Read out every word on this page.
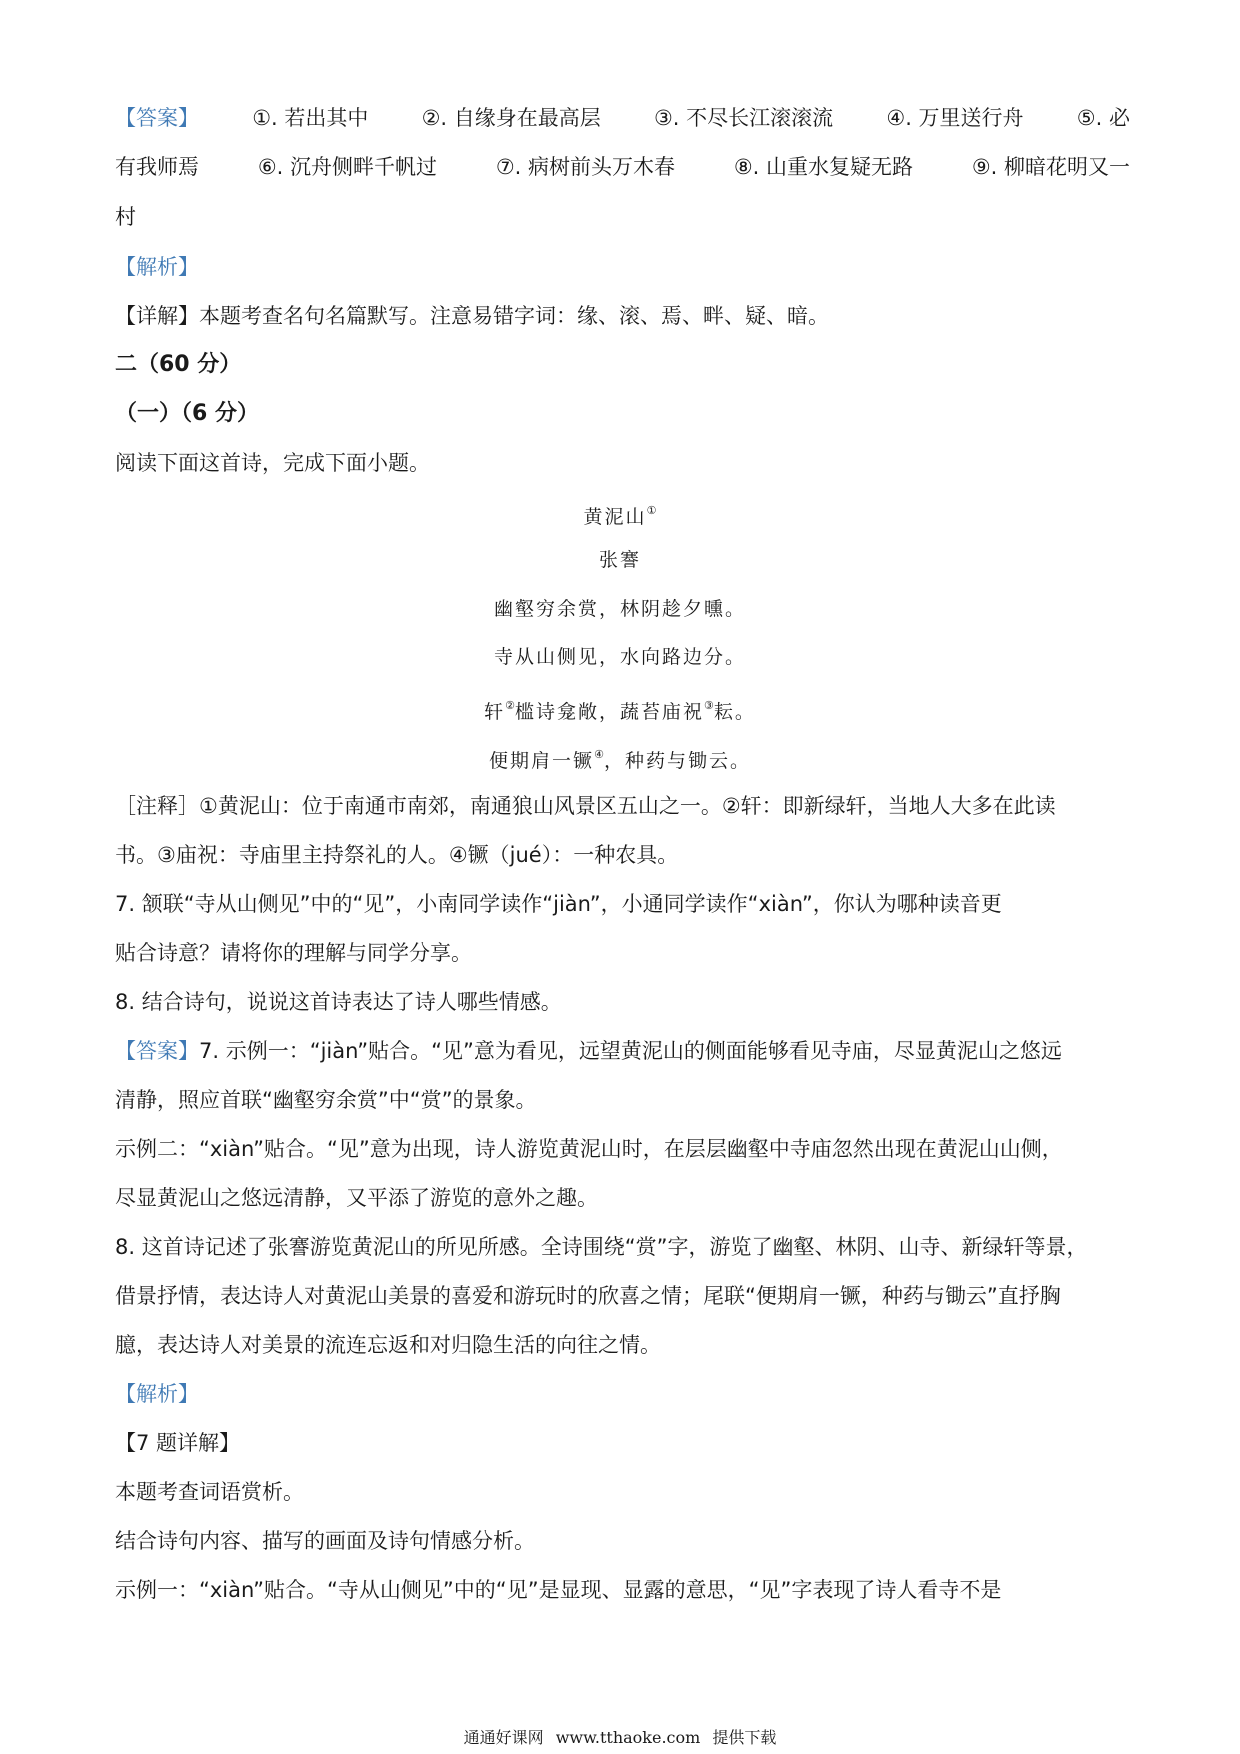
【答案】	①. 若出其中	②. 自缘身在最高层	③. 不尽长江滚滚流	④. 万里送行舟	⑤. 必
有我师焉	⑥. 沉舟侧畔千帆过	⑦. 病树前头万木春	⑧. 山重水复疑无路	⑨. 柳暗花明又一
村
【解析】
【详解】本题考查名句名篇默写。注意易错字词：缘、滚、焉、畔、疑、暗。
二（60 分）
（一）（6 分）
阅读下面这首诗，完成下面小题。
黄泥山①
张謇
幽壑穷余赏，林阴趁夕曛。
寺从山侧见，水向路边分。
轩②槛诗龛敞，蔬苔庙祝③耘。
便期肩一镢④，种药与锄云。
［注释］①黄泥山：位于南通市南郊，南通狼山风景区五山之一。②轩：即新绿轩，当地人大多在此读
书。③庙祝：寺庙里主持祭礼的人。④镢（jué）：一种农具。
7. 颔联“寺从山侧见”中的“见”，小南同学读作“jiàn”，小通同学读作“xiàn”，你认为哪种读音更
贴合诗意？请将你的理解与同学分享。
8. 结合诗句，说说这首诗表达了诗人哪些情感。
【答案】7. 示例一：“jiàn”贴合。“见”意为看见，远望黄泥山的侧面能够看见寺庙，尽显黄泥山之悠远
清静，照应首联“幽壑穷余赏”中“赏”的景象。
示例二：“xiàn”贴合。“见”意为出现，诗人游览黄泥山时，在层层幽壑中寺庙忽然出现在黄泥山山侧，
尽显黄泥山之悠远清静，又平添了游览的意外之趣。
8. 这首诗记述了张謇游览黄泥山的所见所感。全诗围绕“赏”字，游览了幽壑、林阴、山寺、新绿轩等景，
借景抒情，表达诗人对黄泥山美景的喜爱和游玩时的欣喜之情；尾联“便期肩一镢，种药与锄云”直抒胸
臆，表达诗人对美景的流连忘返和对归隐生活的向往之情。
【解析】
【7 题详解】
本题考查词语赏析。
结合诗句内容、描写的画面及诗句情感分析。
示例一：“xiàn”贴合。“寺从山侧见”中的“见”是显现、显露的意思，“见”字表现了诗人看寺不是
通通好课网 www.tthaoke.com 提供下载
